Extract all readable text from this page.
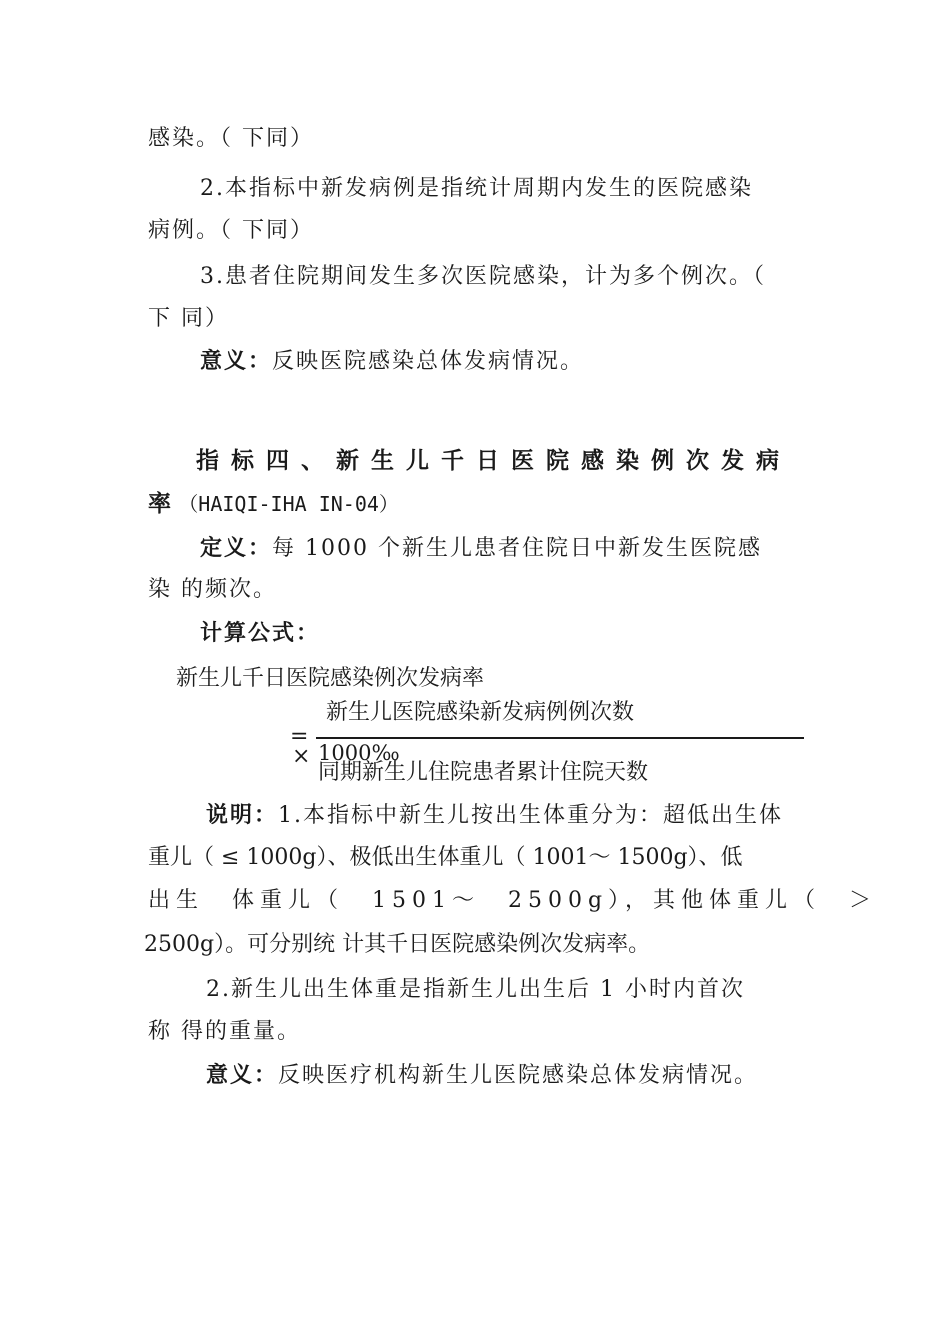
感染。（ 下同）
2.本指标中新发病例是指统计周期内发生的医院感染
病例。（ 下同）
3.患者住院期间发生多次医院感染，计为多个例次。（
下 同）
意义：反映医院感染总体发病情况。
指标四、新生儿千日医院感染例次发病
率 （HAIQI-IHA IN-04）
定义：每 1000 个新生儿患者住院日中新发生医院感
染 的频次。
计算公式：
新生儿千日医院感染例次发病率
新生儿医院感染新发病例例次数
=
× 1000‰
同期新生儿住院患者累计住院天数
说明：1.本指标中新生儿按出生体重分为：超低出生体
重儿（ ≤ 1000g）、极低出生体重儿（ 1001～ 1500g）、低
出生　体重儿（　1501～　2500g），其他体重儿（　＞
2500g）。可分别统 计其千日医院感染例次发病率。
2.新生儿出生体重是指新生儿出生后 1 小时内首次
称 得的重量。
意义：反映医疗机构新生儿医院感染总体发病情况。
